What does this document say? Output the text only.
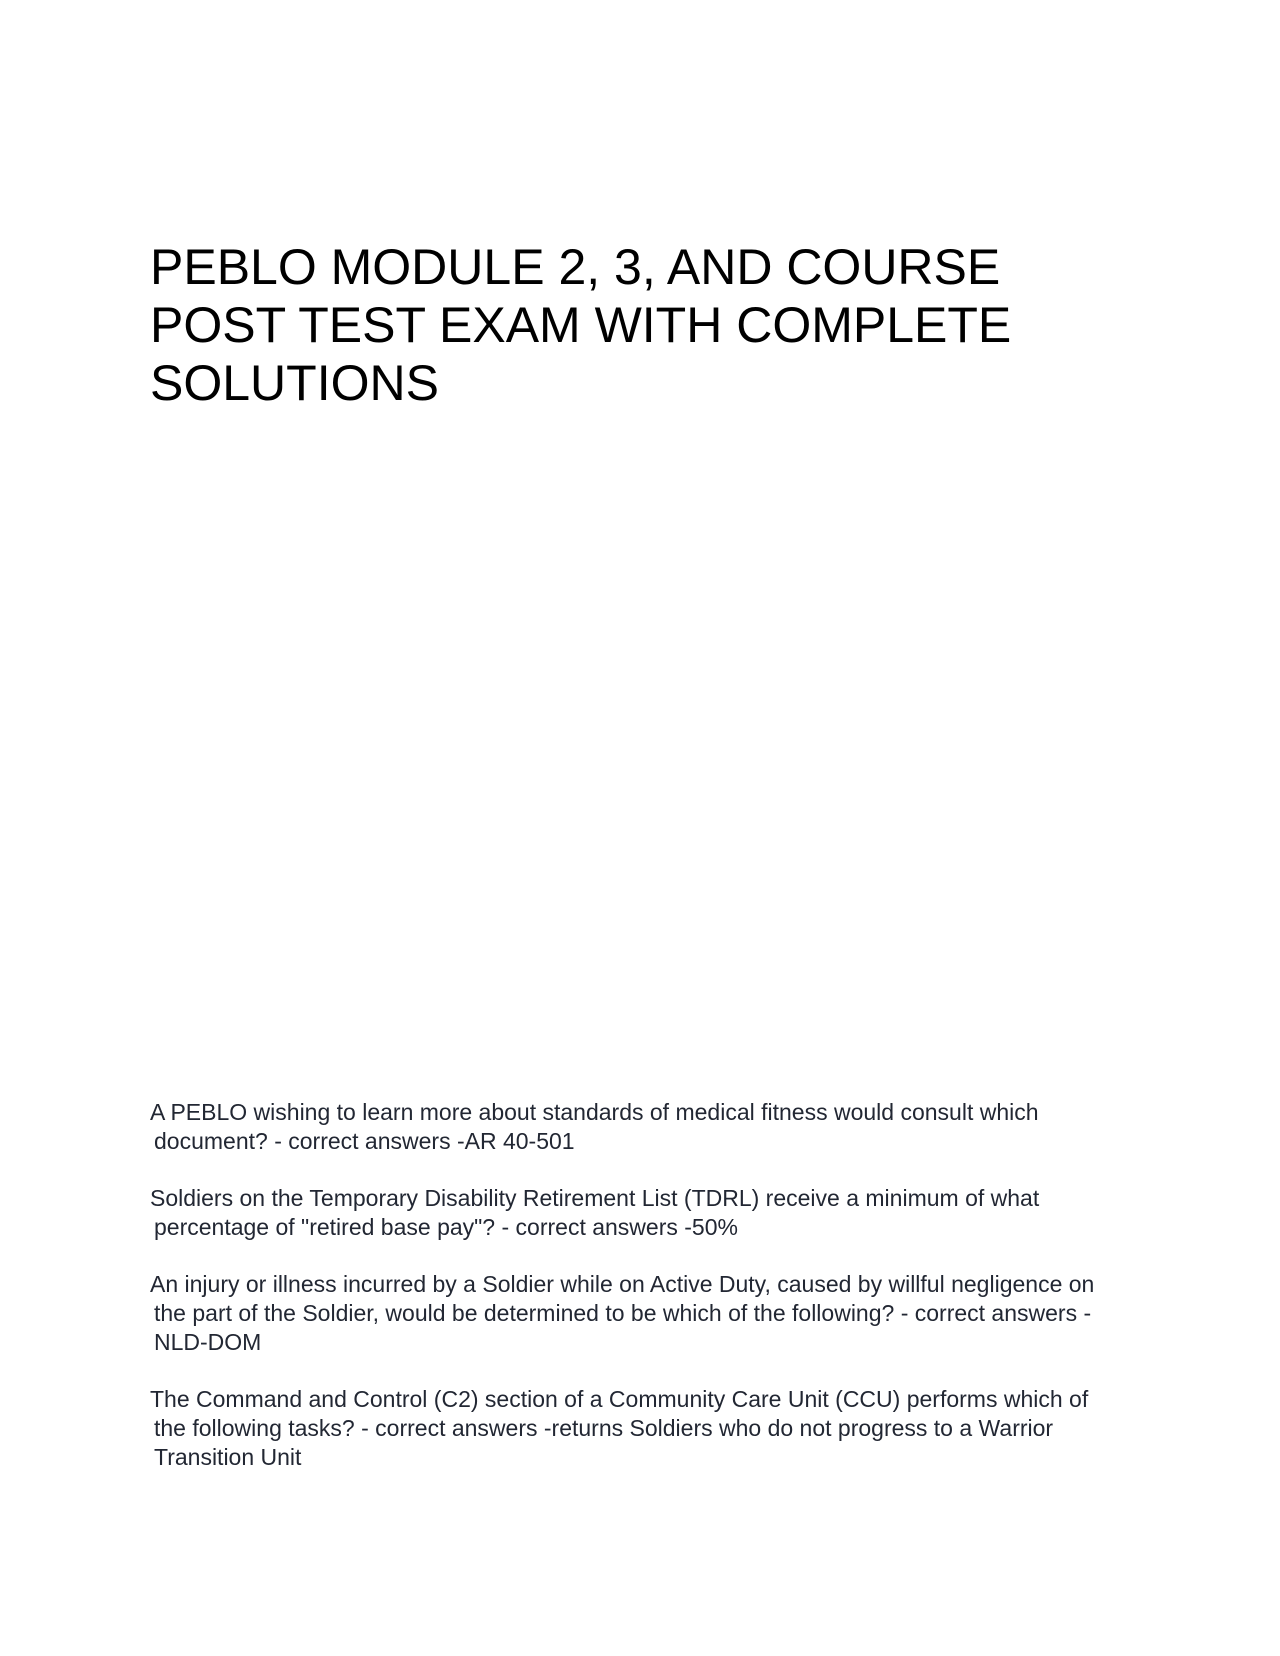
PEBLO MODULE 2, 3, AND COURSE POST TEST EXAM WITH COMPLETE SOLUTIONS

A PEBLO wishing to learn more about standards of medical fitness would consult which document? - correct answers -AR 40-501

Soldiers on the Temporary Disability Retirement List (TDRL) receive a minimum of what percentage of "retired base pay"? - correct answers -50%

An injury or illness incurred by a Soldier while on Active Duty, caused by willful negligence on the part of the Soldier, would be determined to be which of the following? - correct answers -NLD-DOM

The Command and Control (C2) section of a Community Care Unit (CCU) performs which of the following tasks? - correct answers -returns Soldiers who do not progress to a Warrior Transition Unit
